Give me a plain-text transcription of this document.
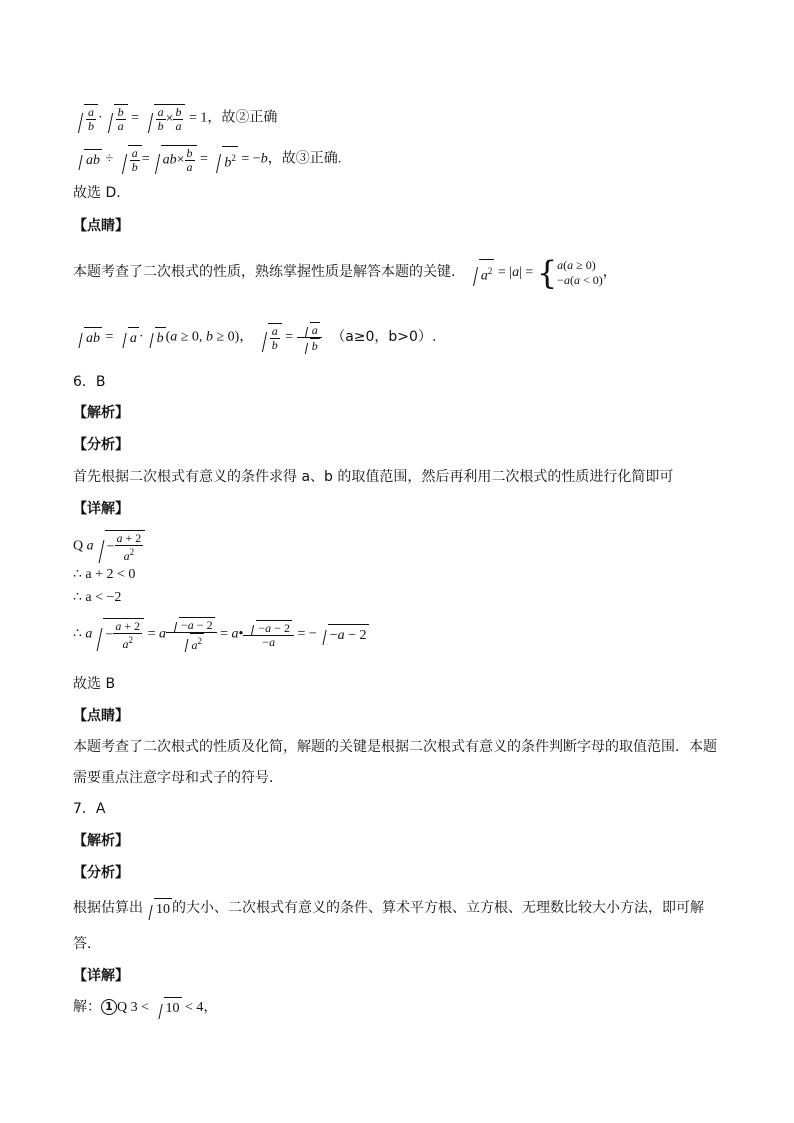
$\frac{a}{b} \cdot \frac{b}{a} = \frac{a}{b} \times \frac{b}{a} = 1$，故②正确
ab ÷ $\frac{a}{b} = ab\times \frac{b}{a} = b^2 = -b$，故③正确.
故选 D.
【点睛】
本题考查了二次根式的性质，熟练掌握性质是解答本题的关键. $a^2 = |a|$ = { a(a ≥ 0)
−a(a < 0) ，
ab = a · b (a ≥ 0, b ≥ 0)， $\frac{a}{b} = \frac{a}{b} (a\ge 0$，b>0）.
6．B
【解析】
【分析】
首先根据二次根式有意义的条件求得 a、b 的取值范围，然后再利用二次根式的性质进行化简即可
【详解】
Q $a - \frac{a + 2}{a^2}$
∴ a + 2 < 0
∴ a < −2
∴ $a - \frac{a + 2}{a^2} = a \frac{-a - 2}{a^2}$ = a• $\frac{-a - 2}{-a}$ = − −a − 2
故选 B
【点睛】
本题考查了二次根式的性质及化简，解题的关键是根据二次根式有意义的条件判断字母的取值范围．本题
需要重点注意字母和式子的符号．
7．A
【解析】
【分析】
根据估算出 10 的大小、二次根式有意义的条件、算术平方根、立方根、无理数比较大小方法，即可解
答．
【详解】
解： 1 Q 3 < 10 < 4，
